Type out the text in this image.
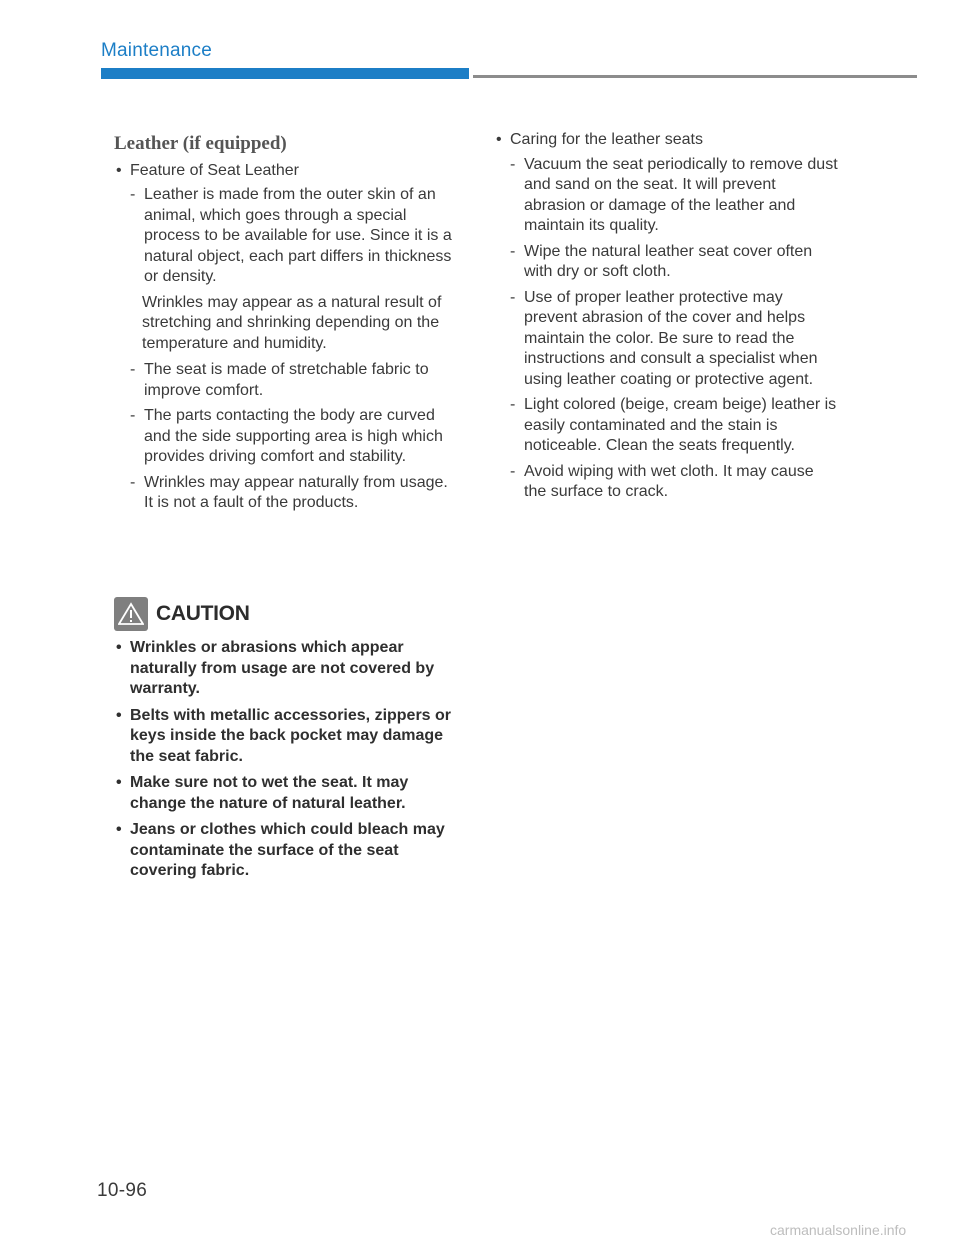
Maintenance
Leather (if equipped)
• Feature of Seat Leather
- Leather is made from the outer skin of an animal, which goes through a special process to be available for use. Since it is a natural object, each part differs in thickness or density.
Wrinkles may appear as a natural result of stretching and shrinking depending on the temperature and humidity.
- The seat is made of stretchable fabric to improve comfort.
- The parts contacting the body are curved and the side supporting area is high which provides driving comfort and stability.
- Wrinkles may appear naturally from usage. It is not a fault of the products.
CAUTION
• Wrinkles or abrasions which appear naturally from usage are not covered by warranty.
• Belts with metallic accessories, zippers or keys inside the back pocket may damage the seat fabric.
• Make sure not to wet the seat. It may change the nature of natural leather.
• Jeans or clothes which could bleach may contaminate the surface of the seat covering fabric.
• Caring for the leather seats
- Vacuum the seat periodically to remove dust and sand on the seat. It will prevent abrasion or damage of the leather and maintain its quality.
- Wipe the natural leather seat cover often with dry or soft cloth.
- Use of proper leather protective may prevent abrasion of the cover and helps maintain the color. Be sure to read the instructions and consult a specialist when using leather coating or protective agent.
- Light colored (beige, cream beige) leather is easily contaminated and the stain is noticeable. Clean the seats frequently.
- Avoid wiping with wet cloth. It may cause the surface to crack.
10-96
carmanualsonline.info
